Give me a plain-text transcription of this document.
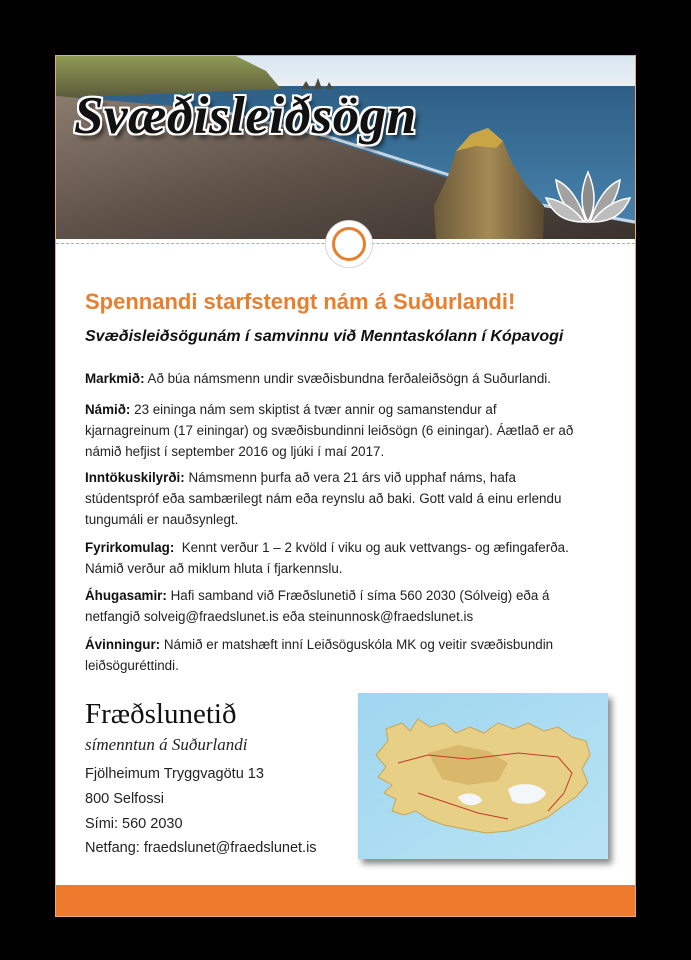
Svæðisleiðsögn
Spennandi starfstengt nám á Suðurlandi!
Svæðisleiðsögunám í samvinnu við Menntaskólann í Kópavogi
Markmið: Að búa námsmenn undir svæðisbundna ferðaleiðsögn á Suðurlandi.
Námið: 23 eininga nám sem skiptist á tvær annir og samanstendur af
kjarnagreinum (17 einingar) og svæðisbundinni leiðsögn (6 einingar). Áætlað er að
námið hefjist í september 2016 og ljúki í maí 2017.
Inntökuskilyrði: Námsmenn þurfa að vera 21 árs við upphaf náms, hafa
stúdentspróf eða sambærilegt nám eða reynslu að baki. Gott vald á einu erlendu
tungumáli er nauðsynlegt.
Fyrirkomulag: Kennt verður 1 – 2 kvöld í viku og auk vettvangs- og æfingaferða.
Námið verður að miklum hluta í fjarkennslu.
Áhugasamir: Hafi samband við Fræðslunetið í síma 560 2030 (Sólveig) eða á
netfangið solveig@fraedslunet.is eða steinunnosk@fraedslunet.is
Ávinningur: Námið er matshæft inní Leiðsöguskóla MK og veitir svæðisbundin
leiðsöguréttindi.
Fræðslunetið
símenntun á Suðurlandi
Fjölheimum Tryggvagötu 13
800 Selfossi
Sími: 560 2030
Netfang: fraedslunet@fraedslunet.is
